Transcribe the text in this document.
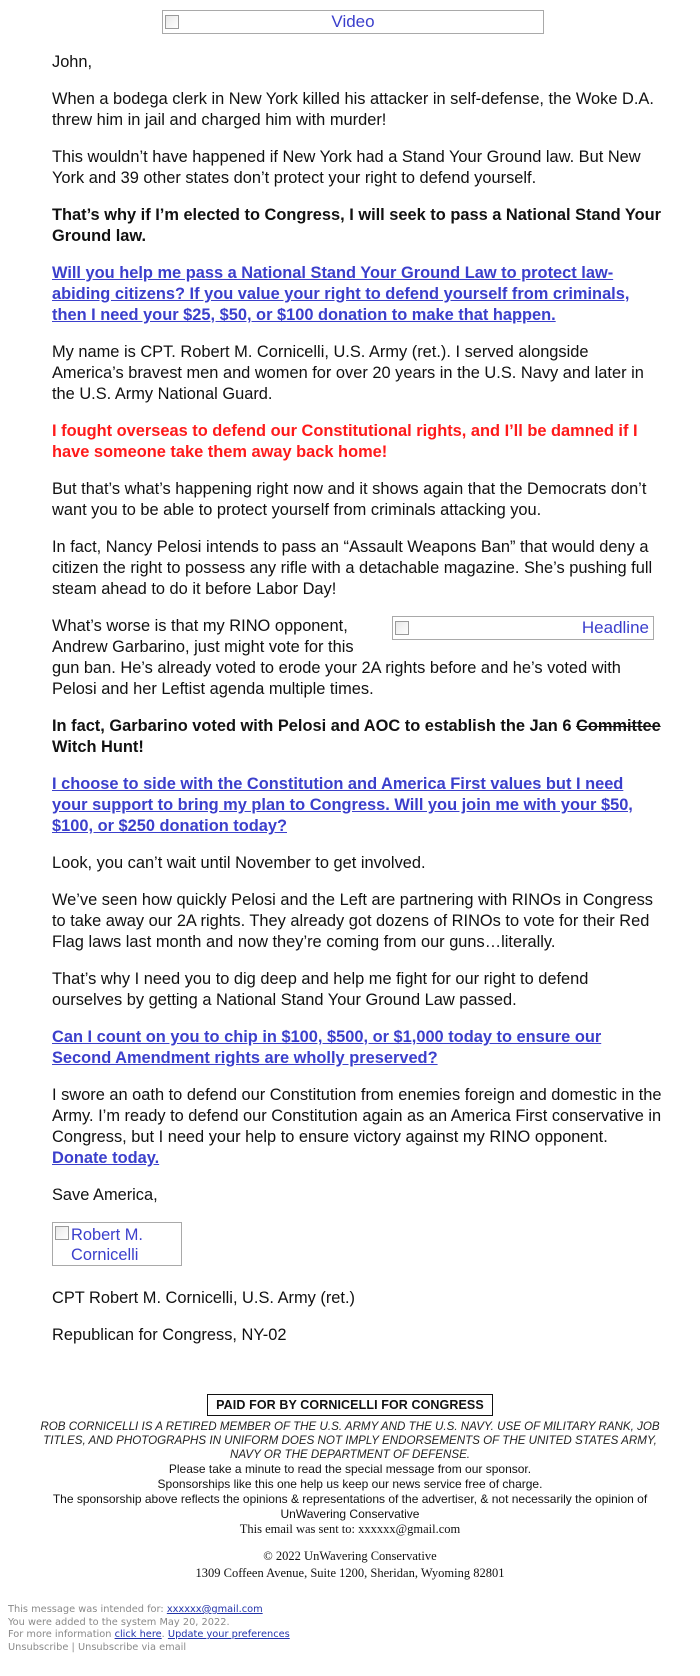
Video

John,

When a bodega clerk in New York killed his attacker in self-defense, the Woke D.A. threw him in jail and charged him with murder!

This wouldn’t have happened if New York had a Stand Your Ground law. But New York and 39 other states don’t protect your right to defend yourself.

That’s why if I’m elected to Congress, I will seek to pass a National Stand Your Ground law.

Will you help me pass a National Stand Your Ground Law to protect law-abiding citizens? If you value your right to defend yourself from criminals, then I need your $25, $50, or $100 donation to make that happen.

My name is CPT. Robert M. Cornicelli, U.S. Army (ret.). I served alongside America’s bravest men and women for over 20 years in the U.S. Navy and later in the U.S. Army National Guard.

I fought overseas to defend our Constitutional rights, and I’ll be damned if I have someone take them away back home!

But that’s what’s happening right now and it shows again that the Democrats don’t want you to be able to protect yourself from criminals attacking you.

In fact, Nancy Pelosi intends to pass an “Assault Weapons Ban” that would deny a citizen the right to possess any rifle with a detachable magazine. She’s pushing full steam ahead to do it before Labor Day!

Headline
What’s worse is that my RINO opponent, Andrew Garbarino, just might vote for this gun ban. He’s already voted to erode your 2A rights before and he’s voted with Pelosi and her Leftist agenda multiple times.

In fact, Garbarino voted with Pelosi and AOC to establish the Jan 6 Committee Witch Hunt!

I choose to side with the Constitution and America First values but I need your support to bring my plan to Congress. Will you join me with your $50, $100, or $250 donation today?

Look, you can’t wait until November to get involved.

We’ve seen how quickly Pelosi and the Left are partnering with RINOs in Congress to take away our 2A rights. They already got dozens of RINOs to vote for their Red Flag laws last month and now they’re coming from our guns…literally.

That’s why I need you to dig deep and help me fight for our right to defend ourselves by getting a National Stand Your Ground Law passed.

Can I count on you to chip in $100, $500, or $1,000 today to ensure our Second Amendment rights are wholly preserved?

I swore an oath to defend our Constitution from enemies foreign and domestic in the Army. I’m ready to defend our Constitution again as an America First conservative in Congress, but I need your help to ensure victory against my RINO opponent. Donate today.

Save America,

Robert M. Cornicelli

CPT Robert M. Cornicelli, U.S. Army (ret.)

Republican for Congress, NY-02

PAID FOR BY CORNICELLI FOR CONGRESS
ROB CORNICELLI IS A RETIRED MEMBER OF THE U.S. ARMY AND THE U.S. NAVY. USE OF MILITARY RANK, JOB TITLES, AND PHOTOGRAPHS IN UNIFORM DOES NOT IMPLY ENDORSEMENTS OF THE UNITED STATES ARMY, NAVY OR THE DEPARTMENT OF DEFENSE.
Please take a minute to read the special message from our sponsor.
Sponsorships like this one help us keep our news service free of charge.
The sponsorship above reflects the opinions & representations of the advertiser, & not necessarily the opinion of UnWavering Conservative
This email was sent to: xxxxxx@gmail.com
© 2022 UnWavering Conservative
1309 Coffeen Avenue, Suite 1200, Sheridan, Wyoming 82801
This message was intended for: xxxxxx@gmail.com
You were added to the system May 20, 2022.
For more information click here. Update your preferences
Unsubscribe | Unsubscribe via email
